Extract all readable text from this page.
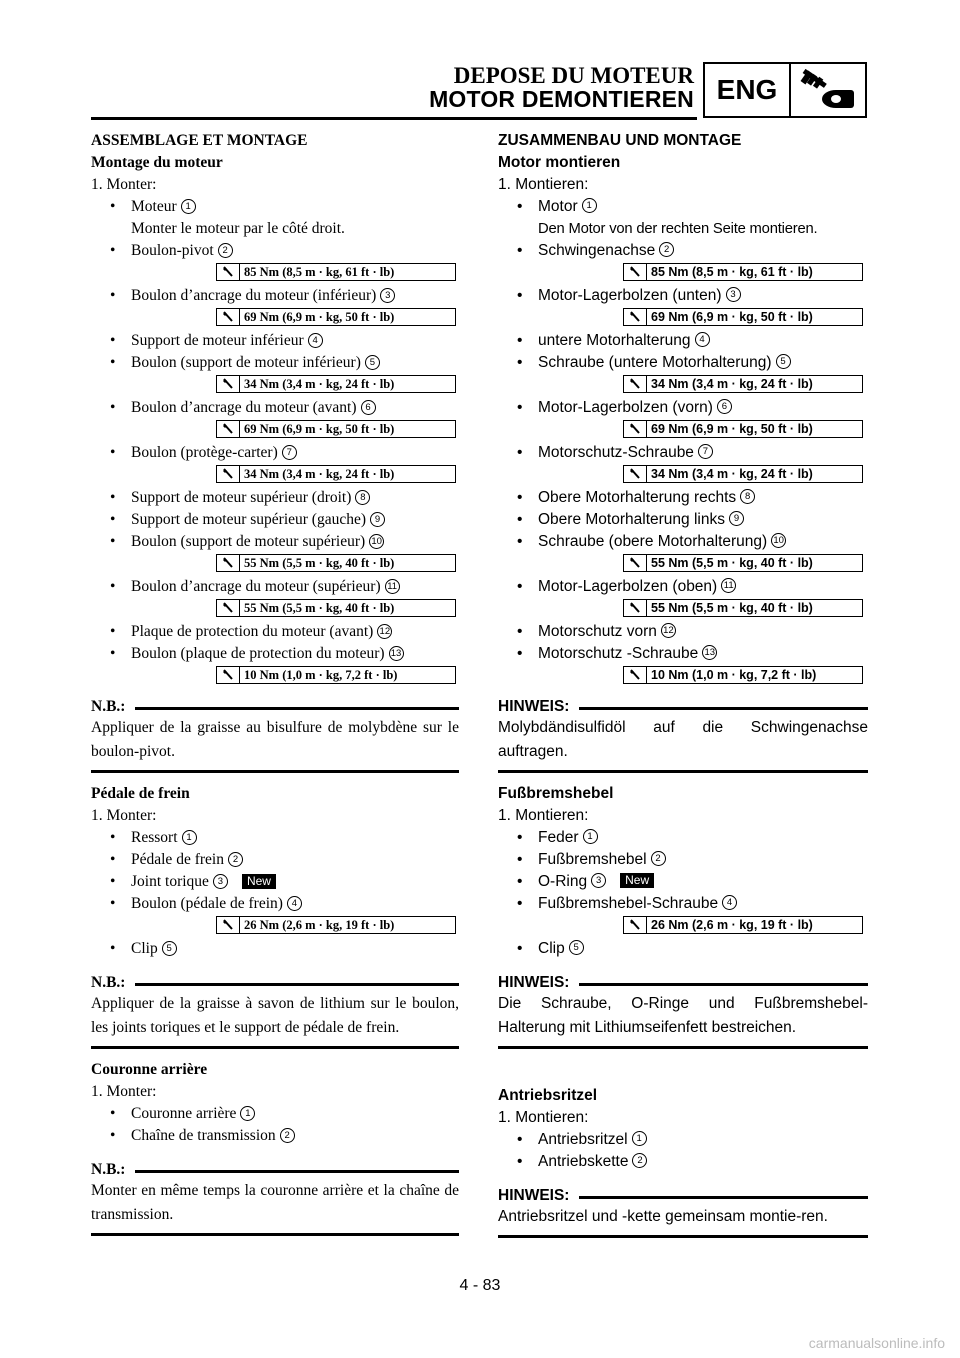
DEPOSE DU MOTEUR
MOTOR DEMONTIEREN ENG
ASSEMBLAGE ET MONTAGE
Montage du moteur
1. Monter:
• Moteur 1
Monter le moteur par le côté droit.
• Boulon-pivot 2
85 Nm (8,5 m · kg, 61 ft · lb)
• Boulon d’ancrage du moteur (inférieur) 3
69 Nm (6,9 m · kg, 50 ft · lb)
• Support de moteur inférieur 4
• Boulon (support de moteur inférieur) 5
34 Nm (3,4 m · kg, 24 ft · lb)
• Boulon d’ancrage du moteur (avant) 6
69 Nm (6,9 m · kg, 50 ft · lb)
• Boulon (protège-carter) 7
34 Nm (3,4 m · kg, 24 ft · lb)
• Support de moteur supérieur (droit) 8
• Support de moteur supérieur (gauche) 9
• Boulon (support de moteur supérieur) 10
55 Nm (5,5 m · kg, 40 ft · lb)
• Boulon d’ancrage du moteur (supérieur) 11
55 Nm (5,5 m · kg, 40 ft · lb)
• Plaque de protection du moteur (avant) 12
• Boulon (plaque de protection du moteur) 13
10 Nm (1,0 m · kg, 7,2 ft · lb)
N.B.:
Appliquer de la graisse au bisulfure de molybdène sur le boulon-pivot.
Pédale de frein
1. Monter:
• Ressort 1
• Pédale de frein 2
• Joint torique 3 New
• Boulon (pédale de frein) 4
26 Nm (2,6 m · kg, 19 ft · lb)
• Clip 5
N.B.:
Appliquer de la graisse à savon de lithium sur le boulon, les joints toriques et le support de pédale de frein.
Couronne arrière
1. Monter:
• Couronne arrière 1
• Chaîne de transmission 2
N.B.:
Monter en même temps la couronne arrière et la chaîne de transmission.
ZUSAMMENBAU UND MONTAGE
Motor montieren
1. Montieren:
• Motor 1
Den Motor von der rechten Seite montieren.
• Schwingenachse 2
85 Nm (8,5 m · kg, 61 ft · lb)
• Motor-Lagerbolzen (unten) 3
69 Nm (6,9 m · kg, 50 ft · lb)
• untere Motorhalterung 4
• Schraube (untere Motorhalterung) 5
34 Nm (3,4 m · kg, 24 ft · lb)
• Motor-Lagerbolzen (vorn) 6
69 Nm (6,9 m · kg, 50 ft · lb)
• Motorschutz-Schraube 7
34 Nm (3,4 m · kg, 24 ft · lb)
• Obere Motorhalterung rechts 8
• Obere Motorhalterung links 9
• Schraube (obere Motorhalterung) 10
55 Nm (5,5 m · kg, 40 ft · lb)
• Motor-Lagerbolzen (oben) 11
55 Nm (5,5 m · kg, 40 ft · lb)
• Motorschutz vorn 12
• Motorschutz -Schraube 13
10 Nm (1,0 m · kg, 7,2 ft · lb)
HINWEIS:
Molybdändisulfidöl auf die Schwingenachse auftragen.
Fußbremshebel
1. Montieren:
• Feder 1
• Fußbremshebel 2
• O-Ring 3 New
• Fußbremshebel-Schraube 4
26 Nm (2,6 m · kg, 19 ft · lb)
• Clip 5
HINWEIS:
Die Schraube, O-Ringe und Fußbremshebel-Halterung mit Lithiumseifenfett bestreichen.
Antriebsritzel
1. Montieren:
• Antriebsritzel 1
• Antriebskette 2
HINWEIS:
Antriebsritzel und -kette gemeinsam montie-ren.
4 - 83
carmanualsonline.info
